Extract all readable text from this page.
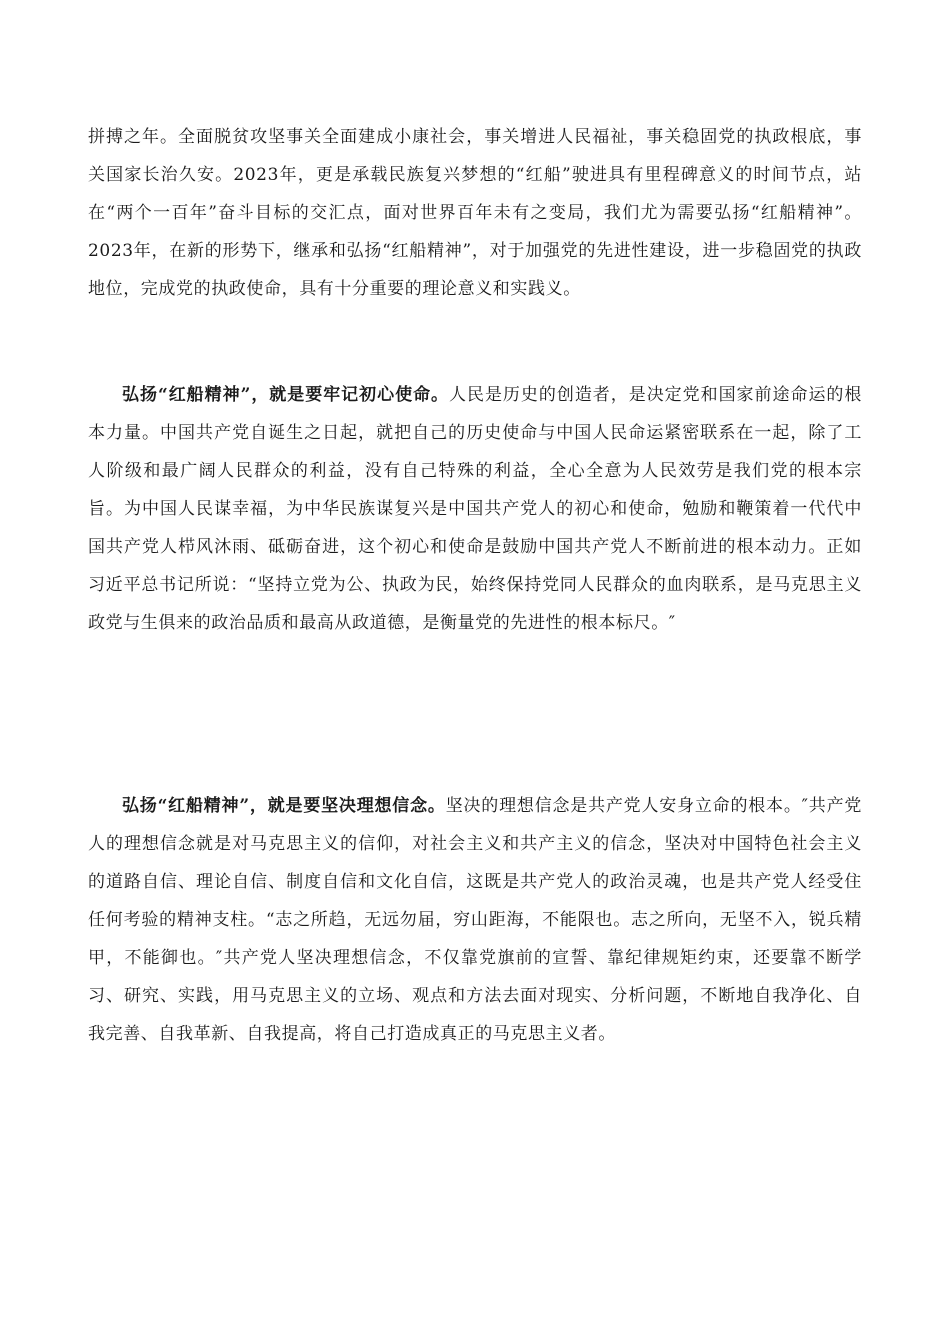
拼搏之年。全面脱贫攻坚事关全面建成小康社会，事关增进人民福祉，事关稳固党的执政根底，事关国家长治久安。2023年，更是承载民族复兴梦想的“红船”驶进具有里程碑意义的时间节点，站在“两个一百年”奋斗目标的交汇点，面对世界百年未有之变局，我们尤为需要弘扬“红船精神”。2023年，在新的形势下，继承和弘扬“红船精神”，对于加强党的先进性建设，进一步稳固党的执政地位，完成党的执政使命，具有十分重要的理论意义和实践义。

弘扬“红船精神”，就是要牢记初心使命。人民是历史的创造者，是决定党和国家前途命运的根本力量。中国共产党自诞生之日起，就把自己的历史使命与中国人民命运紧密联系在一起，除了工人阶级和最广阔人民群众的利益，没有自己特殊的利益，全心全意为人民效劳是我们党的根本宗旨。为中国人民谋幸福，为中华民族谋复兴是中国共产党人的初心和使命，勉励和鞭策着一代代中国共产党人栉风沐雨、砥砺奋进，这个初心和使命是鼓励中国共产党人不断前进的根本动力。正如习近平总书记所说：“坚持立党为公、执政为民，始终保持党同人民群众的血肉联系，是马克思主义政党与生俱来的政治品质和最高从政道德，是衡量党的先进性的根本标尺。″

弘扬“红船精神”，就是要坚决理想信念。坚决的理想信念是共产党人安身立命的根本。″共产党人的理想信念就是对马克思主义的信仰，对社会主义和共产主义的信念，坚决对中国特色社会主义的道路自信、理论自信、制度自信和文化自信，这既是共产党人的政治灵魂，也是共产党人经受住任何考验的精神支柱。“志之所趋，无远勿届，穷山距海，不能限也。志之所向，无坚不入，锐兵精甲，不能御也。″共产党人坚决理想信念，不仅靠党旗前的宣誓、靠纪律规矩约束，还要靠不断学习、研究、实践，用马克思主义的立场、观点和方法去面对现实、分析问题，不断地自我净化、自我完善、自我革新、自我提高，将自己打造成真正的马克思主义者。
